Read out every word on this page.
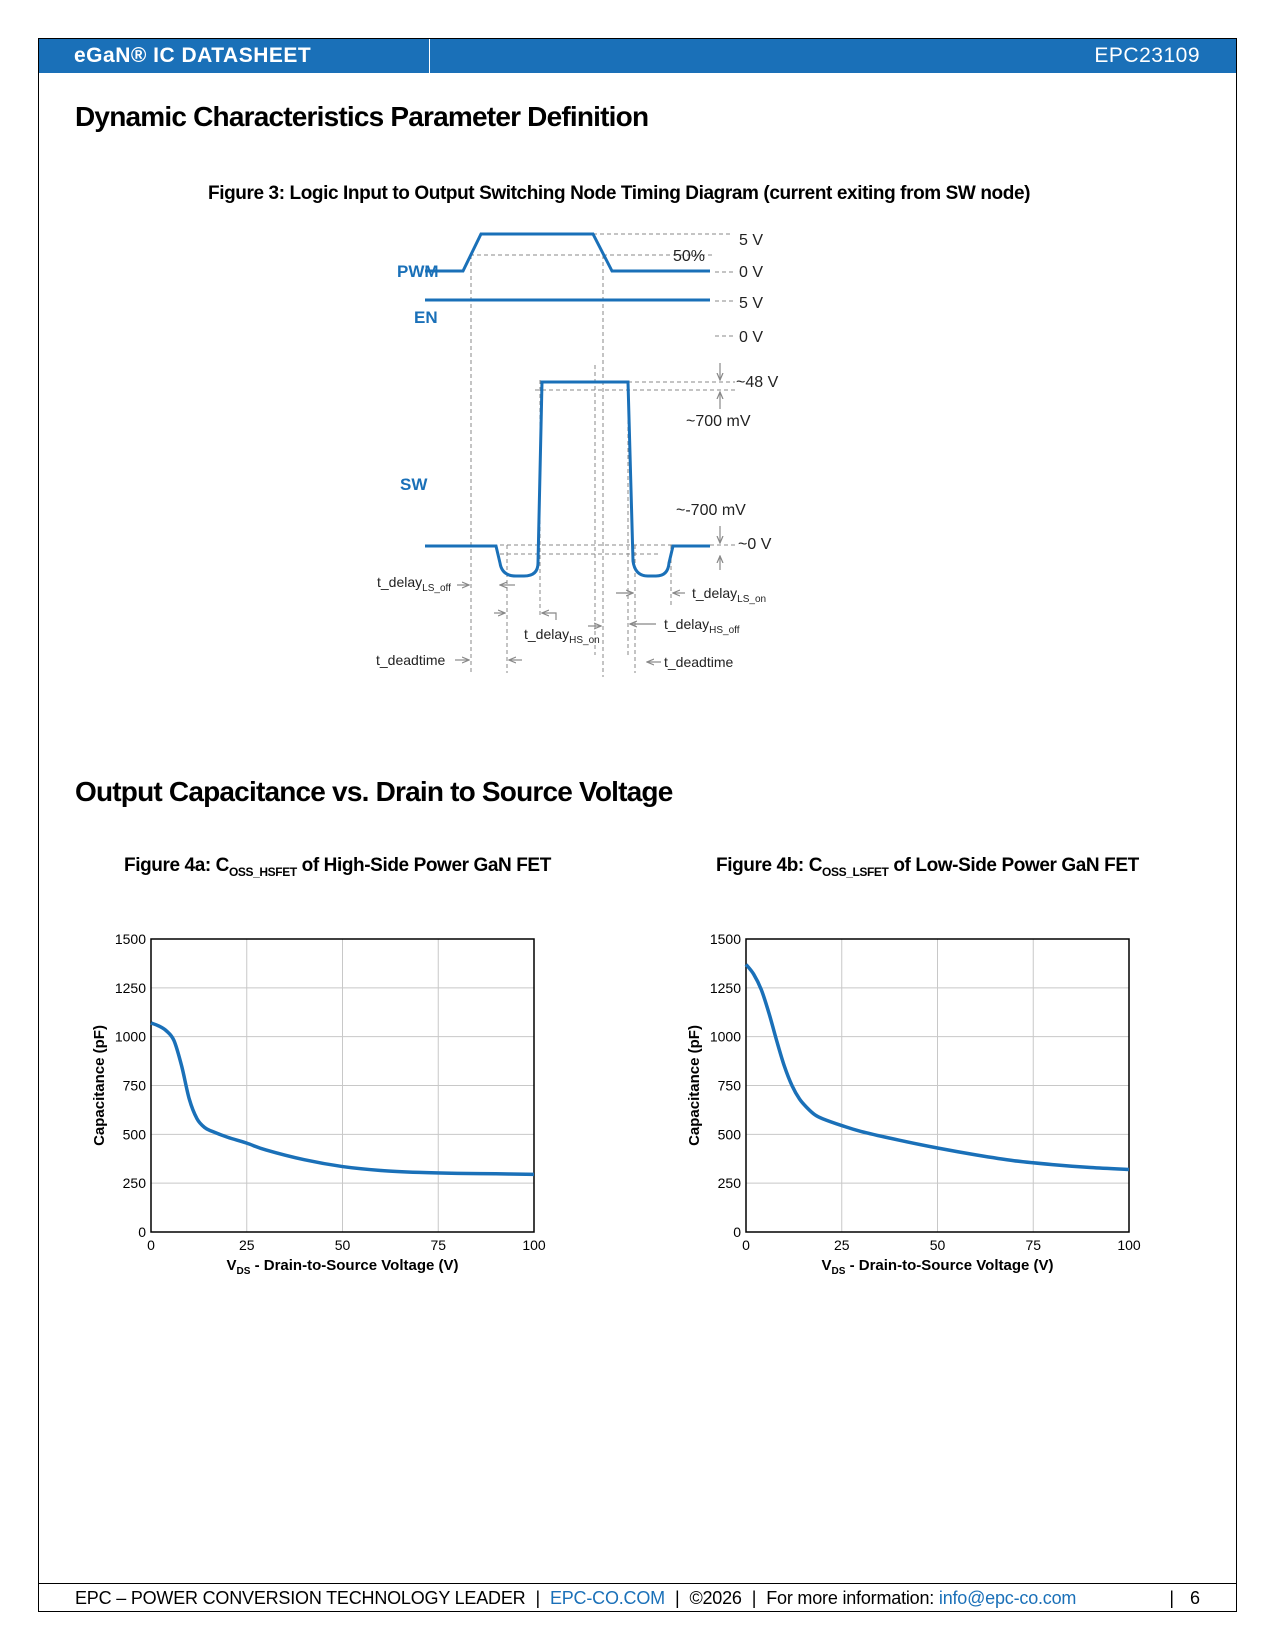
eGaN® IC DATASHEET	EPC23109
Dynamic Characteristics Parameter Definition
Figure 3: Logic Input to Output Switching Node Timing Diagram (current exiting from SW node)
PWM
EN
SW
5 V
50%
0 V
5 V
0 V
~48 V
~700 mV
~-700 mV
~0 V
t_delay$_{LS\_off}$	t_delay$_{LS\_on}$
t_delay$_{HS\_on}$
t_delay$_{HS\_off}$
t_deadtime	t_deadtime
Output Capacitance vs. Drain to Source Voltage
Figure 4a: $C_{OSS\_HSFET}$ of High-Side Power GaN FET	Figure 4b: $C_{OSS\_LSFET}$ of Low-Side Power GaN FET
0	25	50	75	100
0
250
500
750
1000
1250
1500
$V_{DS}$ - Drain-to-Source Voltage (V)
Capacitance (pF)
0	25	50	75	100
0
250
500
750
1000
1250
1500
$V_{DS}$ - Drain-to-Source Voltage (V)
Capacitance (pF)
EPC – POWER CONVERSION TECHNOLOGY LEADER | EPC-CO.COM | ©2026 | For more information: info@epc-co.com	| 6
